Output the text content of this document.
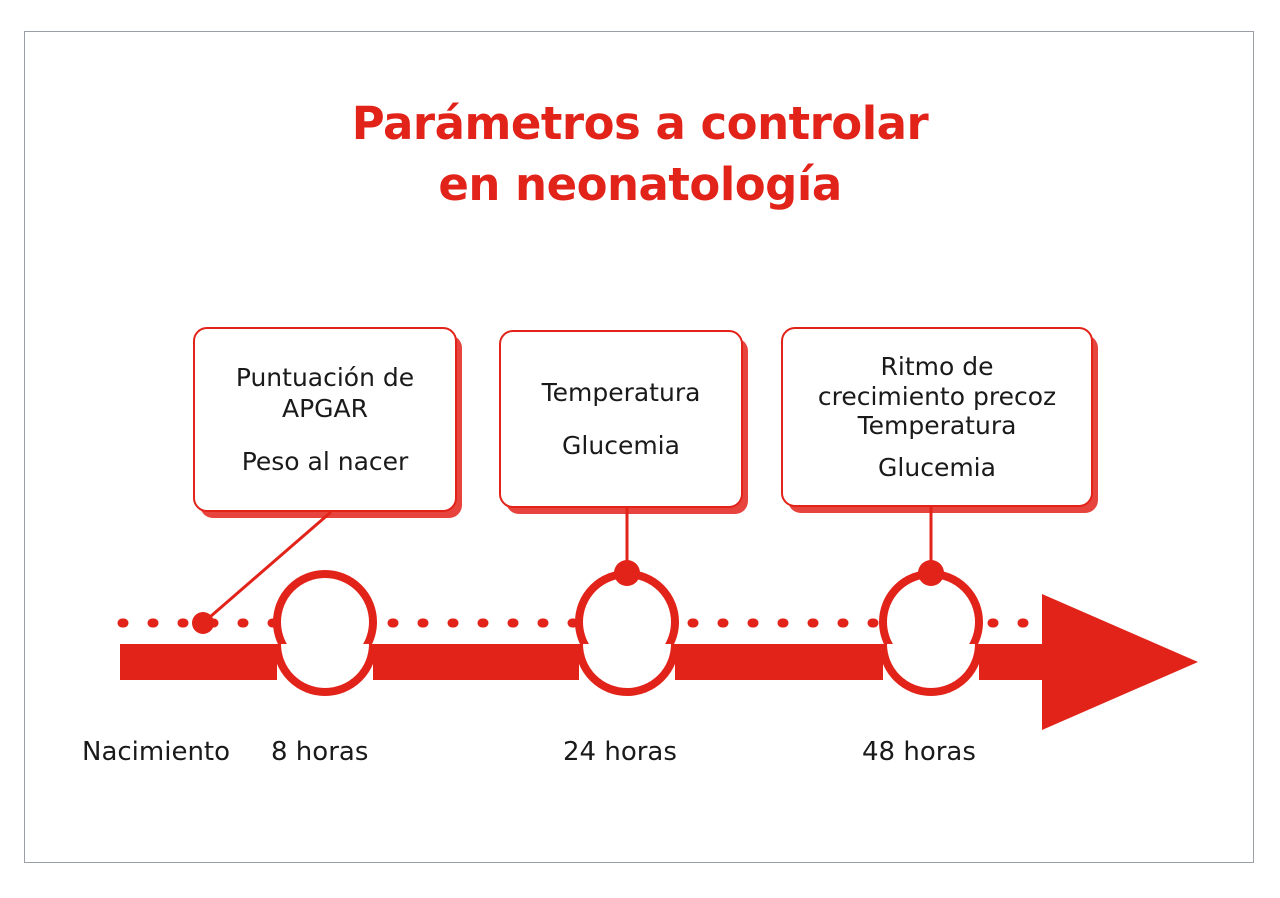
Parámetros a controlar
en neonatología
Puntuación de
APGAR
Peso al nacer
Temperatura
Glucemia
Ritmo de
crecimiento precoz
Temperatura
Glucemia
Nacimiento 8 horas	24 horas	48 horas
